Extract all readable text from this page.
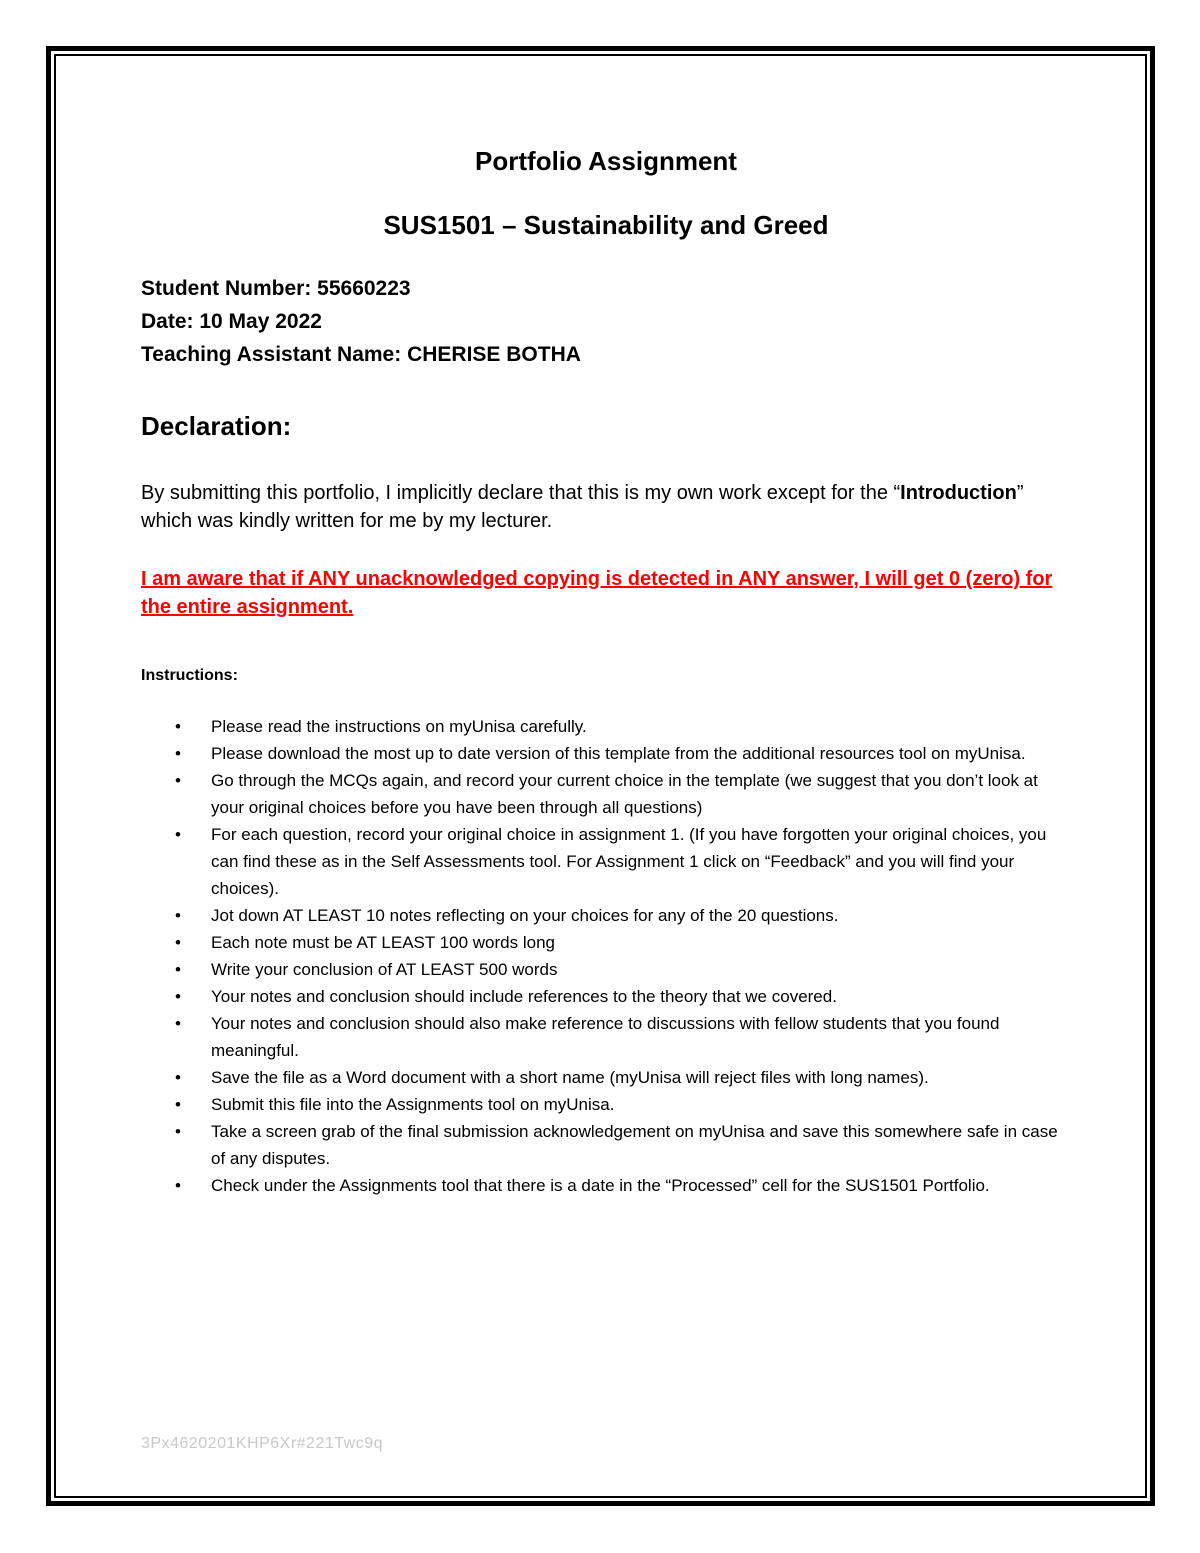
Portfolio Assignment
SUS1501 – Sustainability and Greed
Student Number: 55660223
Date: 10 May 2022
Teaching Assistant Name: CHERISE BOTHA
Declaration:
By submitting this portfolio, I implicitly declare that this is my own work except for the “Introduction” which was kindly written for me by my lecturer.
I am aware that if ANY unacknowledged copying is detected in ANY answer, I will get 0 (zero) for the entire assignment.
Instructions:
• Please read the instructions on myUnisa carefully.
• Please download the most up to date version of this template from the additional resources tool on myUnisa.
• Go through the MCQs again, and record your current choice in the template (we suggest that you don’t look at your original choices before you have been through all questions)
• For each question, record your original choice in assignment 1. (If you have forgotten your original choices, you can find these as in the Self Assessments tool. For Assignment 1 click on “Feedback” and you will find your choices).
• Jot down AT LEAST 10 notes reflecting on your choices for any of the 20 questions.
• Each note must be AT LEAST 100 words long
• Write your conclusion of AT LEAST 500 words
• Your notes and conclusion should include references to the theory that we covered.
• Your notes and conclusion should also make reference to discussions with fellow students that you found meaningful.
• Save the file as a Word document with a short name (myUnisa will reject files with long names).
• Submit this file into the Assignments tool on myUnisa.
• Take a screen grab of the final submission acknowledgement on myUnisa and save this somewhere safe in case of any disputes.
• Check under the Assignments tool that there is a date in the “Processed” cell for the SUS1501 Portfolio.
3Px4620201KHP6Xr#221Twc9q
